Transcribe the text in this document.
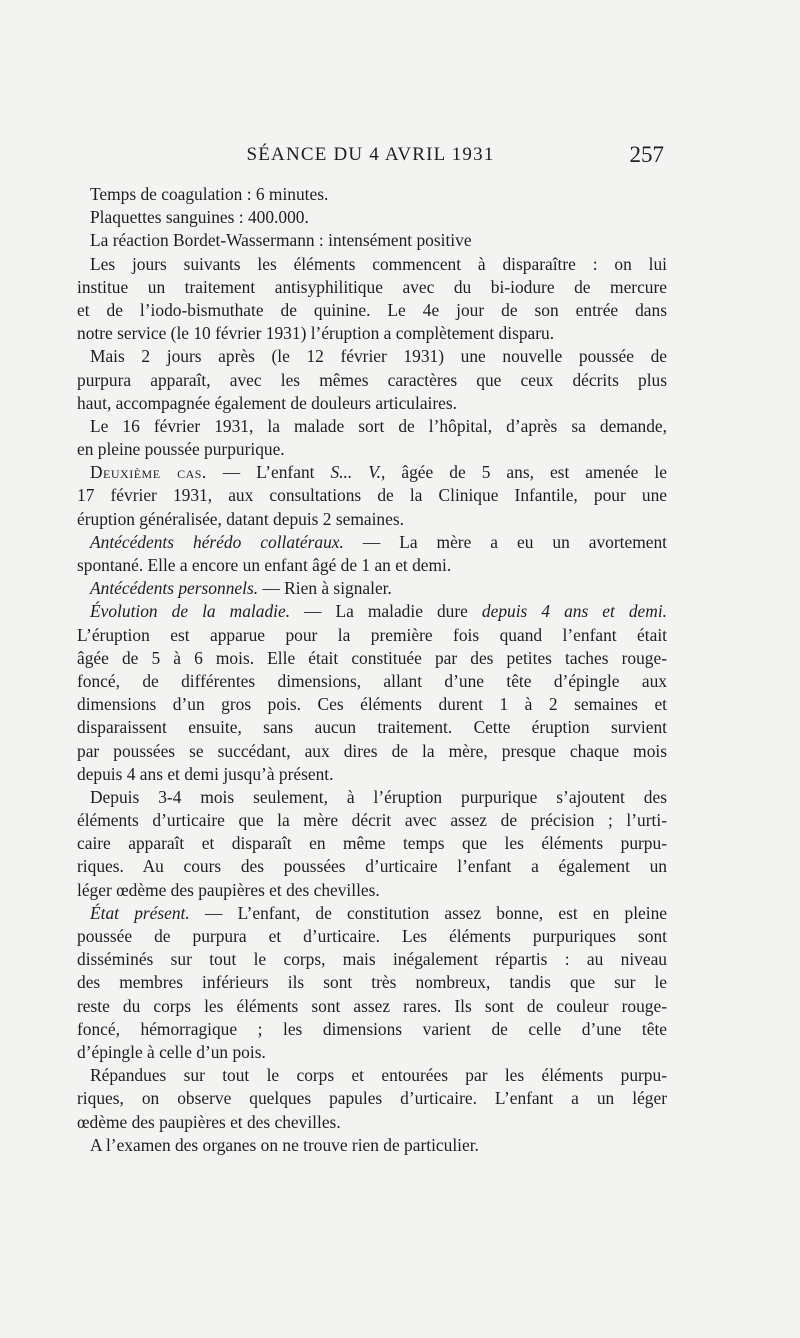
SÉANCE DU 4 AVRIL 1931	257
Temps de coagulation : 6 minutes.
Plaquettes sanguines : 400.000.
La réaction Bordet-Wassermann : intensément positive
Les jours suivants les éléments commencent à disparaître : on lui
institue un traitement antisyphilitique avec du bi-iodure de mercure
et de l’iodo-bismuthate de quinine. Le 4e jour de son entrée dans
notre service (le 10 février 1931) l’éruption a complètement disparu.
Mais 2 jours après (le 12 février 1931) une nouvelle poussée de
purpura apparaît, avec les mêmes caractères que ceux décrits plus
haut, accompagnée également de douleurs articulaires.
Le 16 février 1931, la malade sort de l’hôpital, d’après sa demande,
en pleine poussée purpurique.
Deuxième cas. — L’enfant S... V., âgée de 5 ans, est amenée le
17 février 1931, aux consultations de la Clinique Infantile, pour une
éruption généralisée, datant depuis 2 semaines.
Antécédents hérédo collatéraux. — La mère a eu un avortement
spontané. Elle a encore un enfant âgé de 1 an et demi.
Antécédents personnels. — Rien à signaler.
Évolution de la maladie. — La maladie dure depuis 4 ans et demi.
L’éruption est apparue pour la première fois quand l’enfant était
âgée de 5 à 6 mois. Elle était constituée par des petites taches rouge-
foncé, de différentes dimensions, allant d’une tête d’épingle aux
dimensions d’un gros pois. Ces éléments durent 1 à 2 semaines et
disparaissent ensuite, sans aucun traitement. Cette éruption survient
par poussées se succédant, aux dires de la mère, presque chaque mois
depuis 4 ans et demi jusqu’à présent.
Depuis 3-4 mois seulement, à l’éruption purpurique s’ajoutent des
éléments d’urticaire que la mère décrit avec assez de précision ; l’urti-
caire apparaît et disparaît en même temps que les éléments purpu-
riques. Au cours des poussées d’urticaire l’enfant a également un
léger œdème des paupières et des chevilles.
État présent. — L’enfant, de constitution assez bonne, est en pleine
poussée de purpura et d’urticaire. Les éléments purpuriques sont
disséminés sur tout le corps, mais inégalement répartis : au niveau
des membres inférieurs ils sont très nombreux, tandis que sur le
reste du corps les éléments sont assez rares. Ils sont de couleur rouge-
foncé, hémorragique ; les dimensions varient de celle d’une tête
d’épingle à celle d’un pois.
Répandues sur tout le corps et entourées par les éléments purpu-
riques, on observe quelques papules d’urticaire. L’enfant a un léger
œdème des paupières et des chevilles.
A l’examen des organes on ne trouve rien de particulier.
